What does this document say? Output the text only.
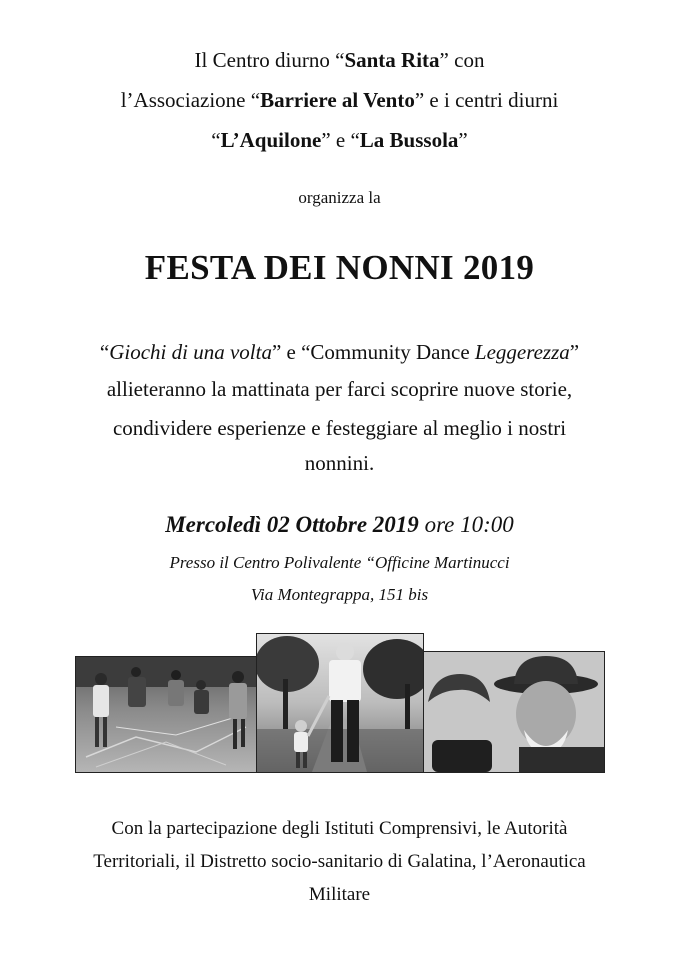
Il Centro diurno “Santa Rita” con
l’Associazione “Barriere al Vento” e i centri diurni
“L’Aquilone” e “La Bussola”
organizza la
FESTA DEI NONNI 2019
“Giochi di una volta” e “Community Dance Leggerezza”
allieteranno la mattinata per farci scoprire nuove storie,
condividere esperienze e festeggiare al meglio i nostri
nonnini.
Mercoledì 02 Ottobre 2019 ore 10:00
Presso il Centro Polivalente “Officine Martinucci
Via Montegrappa, 151 bis
Con la partecipazione degli Istituti Comprensivi, le Autorità
Territoriali, il Distretto socio-sanitario di Galatina, l’Aeronautica
Militare
